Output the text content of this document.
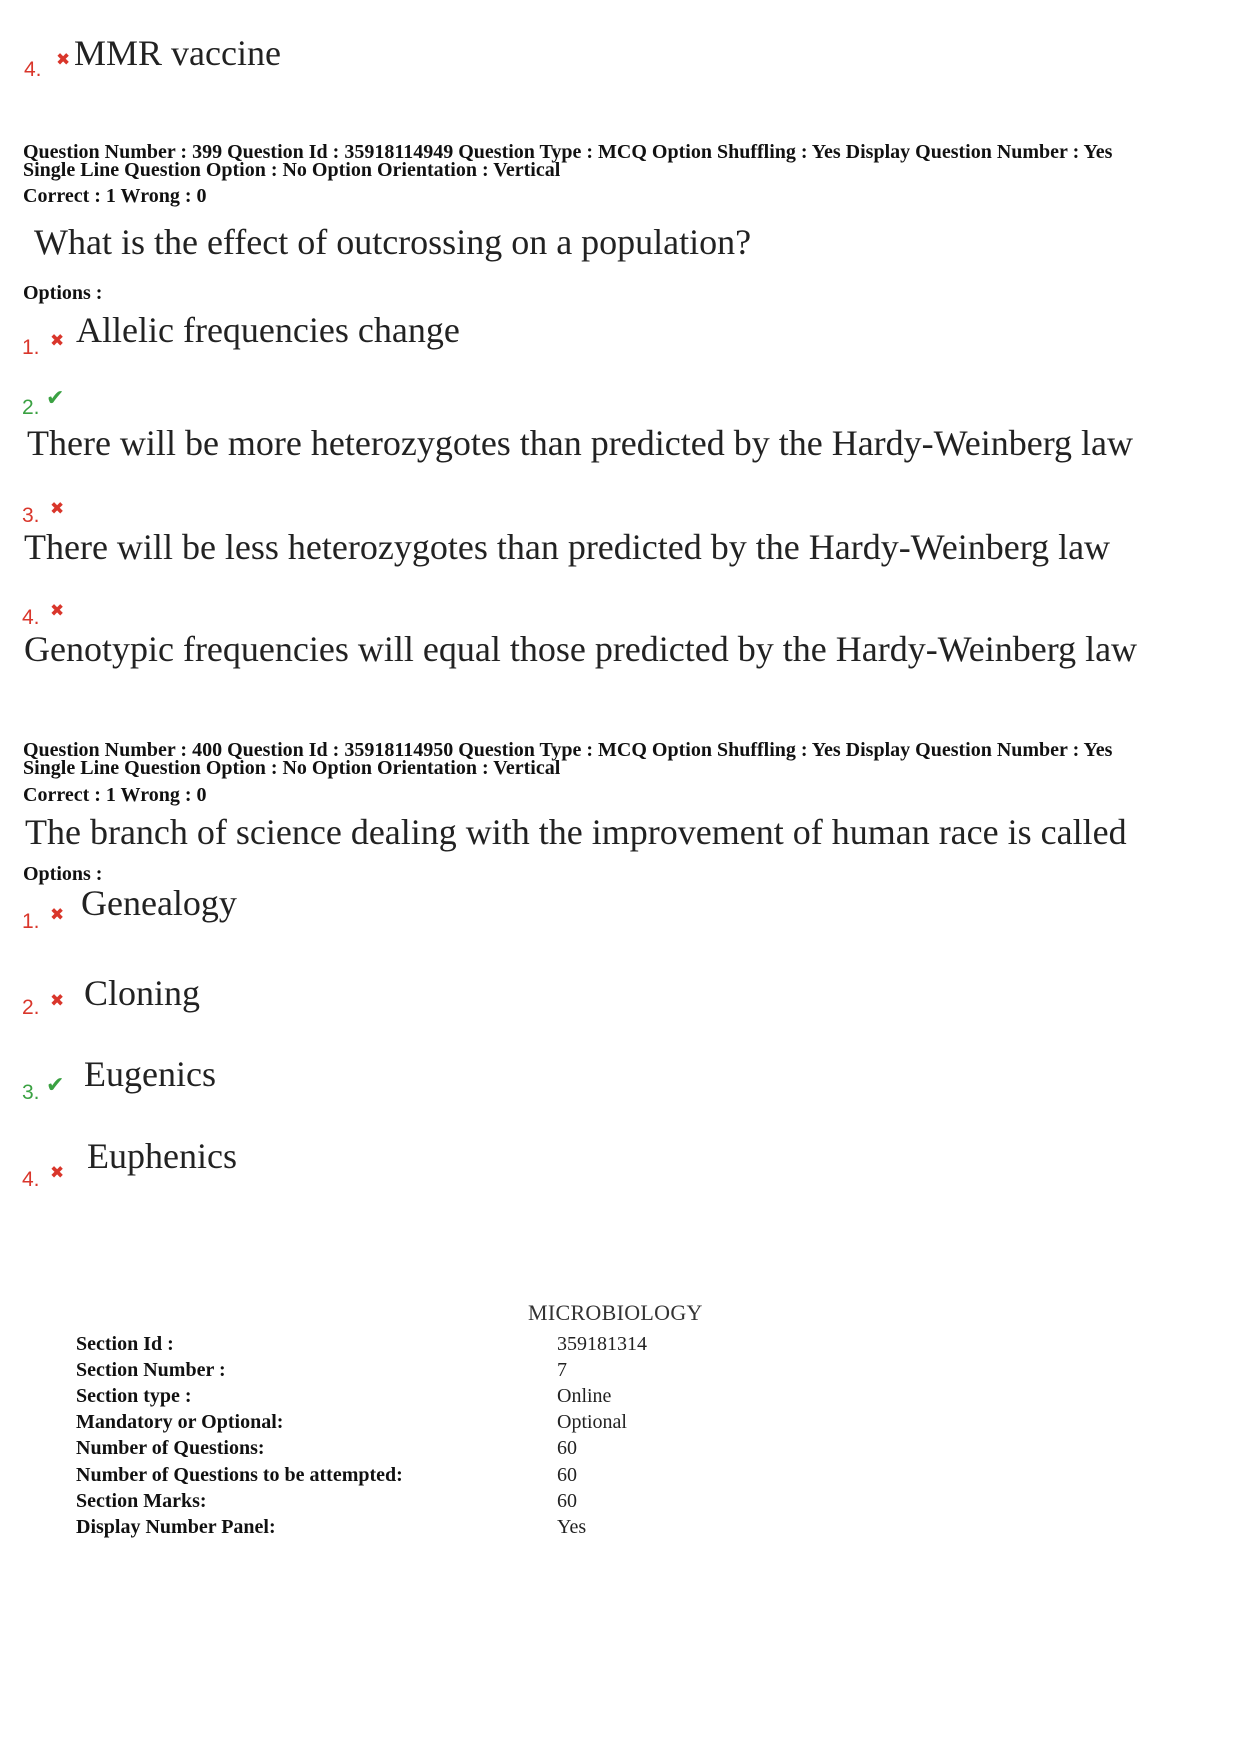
4. ✖ MMR vaccine
Question Number : 399 Question Id : 35918114949 Question Type : MCQ Option Shuffling : Yes Display Question Number : Yes
Single Line Question Option : No Option Orientation : Vertical
Correct : 1 Wrong : 0
What is the effect of outcrossing on a population?
Options :
1. ✖ Allelic frequencies change
2. ✔
There will be more heterozygotes than predicted by the Hardy-Weinberg law
3. ✖
There will be less heterozygotes than predicted by the Hardy-Weinberg law
4. ✖
Genotypic frequencies will equal those predicted by the Hardy-Weinberg law
Question Number : 400 Question Id : 35918114950 Question Type : MCQ Option Shuffling : Yes Display Question Number : Yes
Single Line Question Option : No Option Orientation : Vertical
Correct : 1 Wrong : 0
The branch of science dealing with the improvement of human race is called
Options :
1. ✖ Genealogy
2. ✖ Cloning
3. ✔ Eugenics
4. ✖ Euphenics
MICROBIOLOGY
Section Id :	359181314
Section Number :	7
Section type :	Online
Mandatory or Optional:	Optional
Number of Questions:	60
Number of Questions to be attempted:	60
Section Marks:	60
Display Number Panel:	Yes
